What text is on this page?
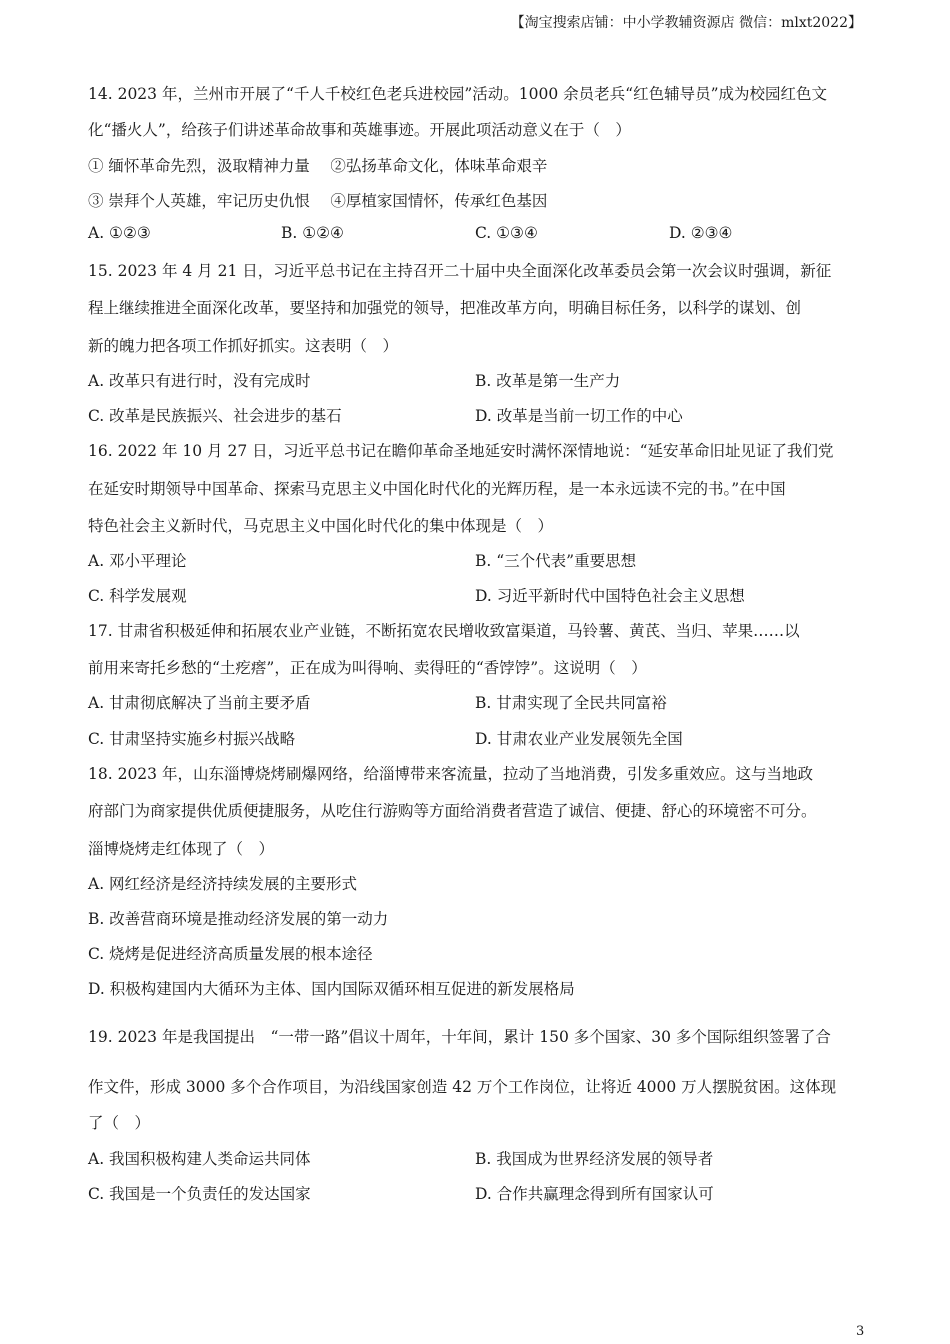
【淘宝搜索店铺：中小学教辅资源店 微信：mlxt2022】
14. 2023 年，兰州市开展了“千人千校红色老兵进校园”活动。1000 余员老兵“红色辅导员”成为校园红色文
化“播火人”，给孩子们讲述革命故事和英雄事迹。开展此项活动意义在于（　）
① 缅怀革命先烈，汲取精神力量　 ②弘扬革命文化，体味革命艰辛
③ 崇拜个人英雄，牢记历史仇恨　 ④厚植家国情怀，传承红色基因
A. ①②③	B. ①②④	C. ①③④	D. ②③④
15. 2023 年 4 月 21 日，习近平总书记在主持召开二十届中央全面深化改革委员会第一次会议时强调，新征
程上继续推进全面深化改革，要坚持和加强党的领导，把准改革方向，明确目标任务，以科学的谋划、创
新的魄力把各项工作抓好抓实。这表明（　）
A. 改革只有进行时，没有完成时	B. 改革是第一生产力
C. 改革是民族振兴、社会进步的基石	D. 改革是当前一切工作的中心
16. 2022 年 10 月 27 日，习近平总书记在瞻仰革命圣地延安时满怀深情地说：“延安革命旧址见证了我们党
在延安时期领导中国革命、探索马克思主义中国化时代化的光辉历程，是一本永远读不完的书。”在中国
特色社会主义新时代，马克思主义中国化时代化的集中体现是（　）
A. 邓小平理论	B. “三个代表”重要思想
C. 科学发展观	D. 习近平新时代中国特色社会主义思想
17. 甘肃省积极延伸和拓展农业产业链，不断拓宽农民增收致富渠道，马铃薯、黄芪、当归、苹果……以
前用来寄托乡愁的“土疙瘩”，正在成为叫得响、卖得旺的“香饽饽”。这说明（　）
A. 甘肃彻底解决了当前主要矛盾	B. 甘肃实现了全民共同富裕
C. 甘肃坚持实施乡村振兴战略	D. 甘肃农业产业发展领先全国
18. 2023 年，山东淄博烧烤刷爆网络，给淄博带来客流量，拉动了当地消费，引发多重效应。这与当地政
府部门为商家提供优质便捷服务，从吃住行游购等方面给消费者营造了诚信、便捷、舒心的环境密不可分。
淄博烧烤走红体现了（　）
A. 网红经济是经济持续发展的主要形式
B. 改善营商环境是推动经济发展的第一动力
C. 烧烤是促进经济高质量发展的根本途径
D. 积极构建国内大循环为主体、国内国际双循环相互促进的新发展格局
19. 2023 年是我国提出　“一带一路”倡议十周年，十年间，累计 150 多个国家、30 多个国际组织签署了合
作文件，形成 3000 多个合作项目，为沿线国家创造 42 万个工作岗位，让将近 4000 万人摆脱贫困。这体现
了（　）
A. 我国积极构建人类命运共同体	B. 我国成为世界经济发展的领导者
C. 我国是一个负责任的发达国家	D. 合作共赢理念得到所有国家认可
3
